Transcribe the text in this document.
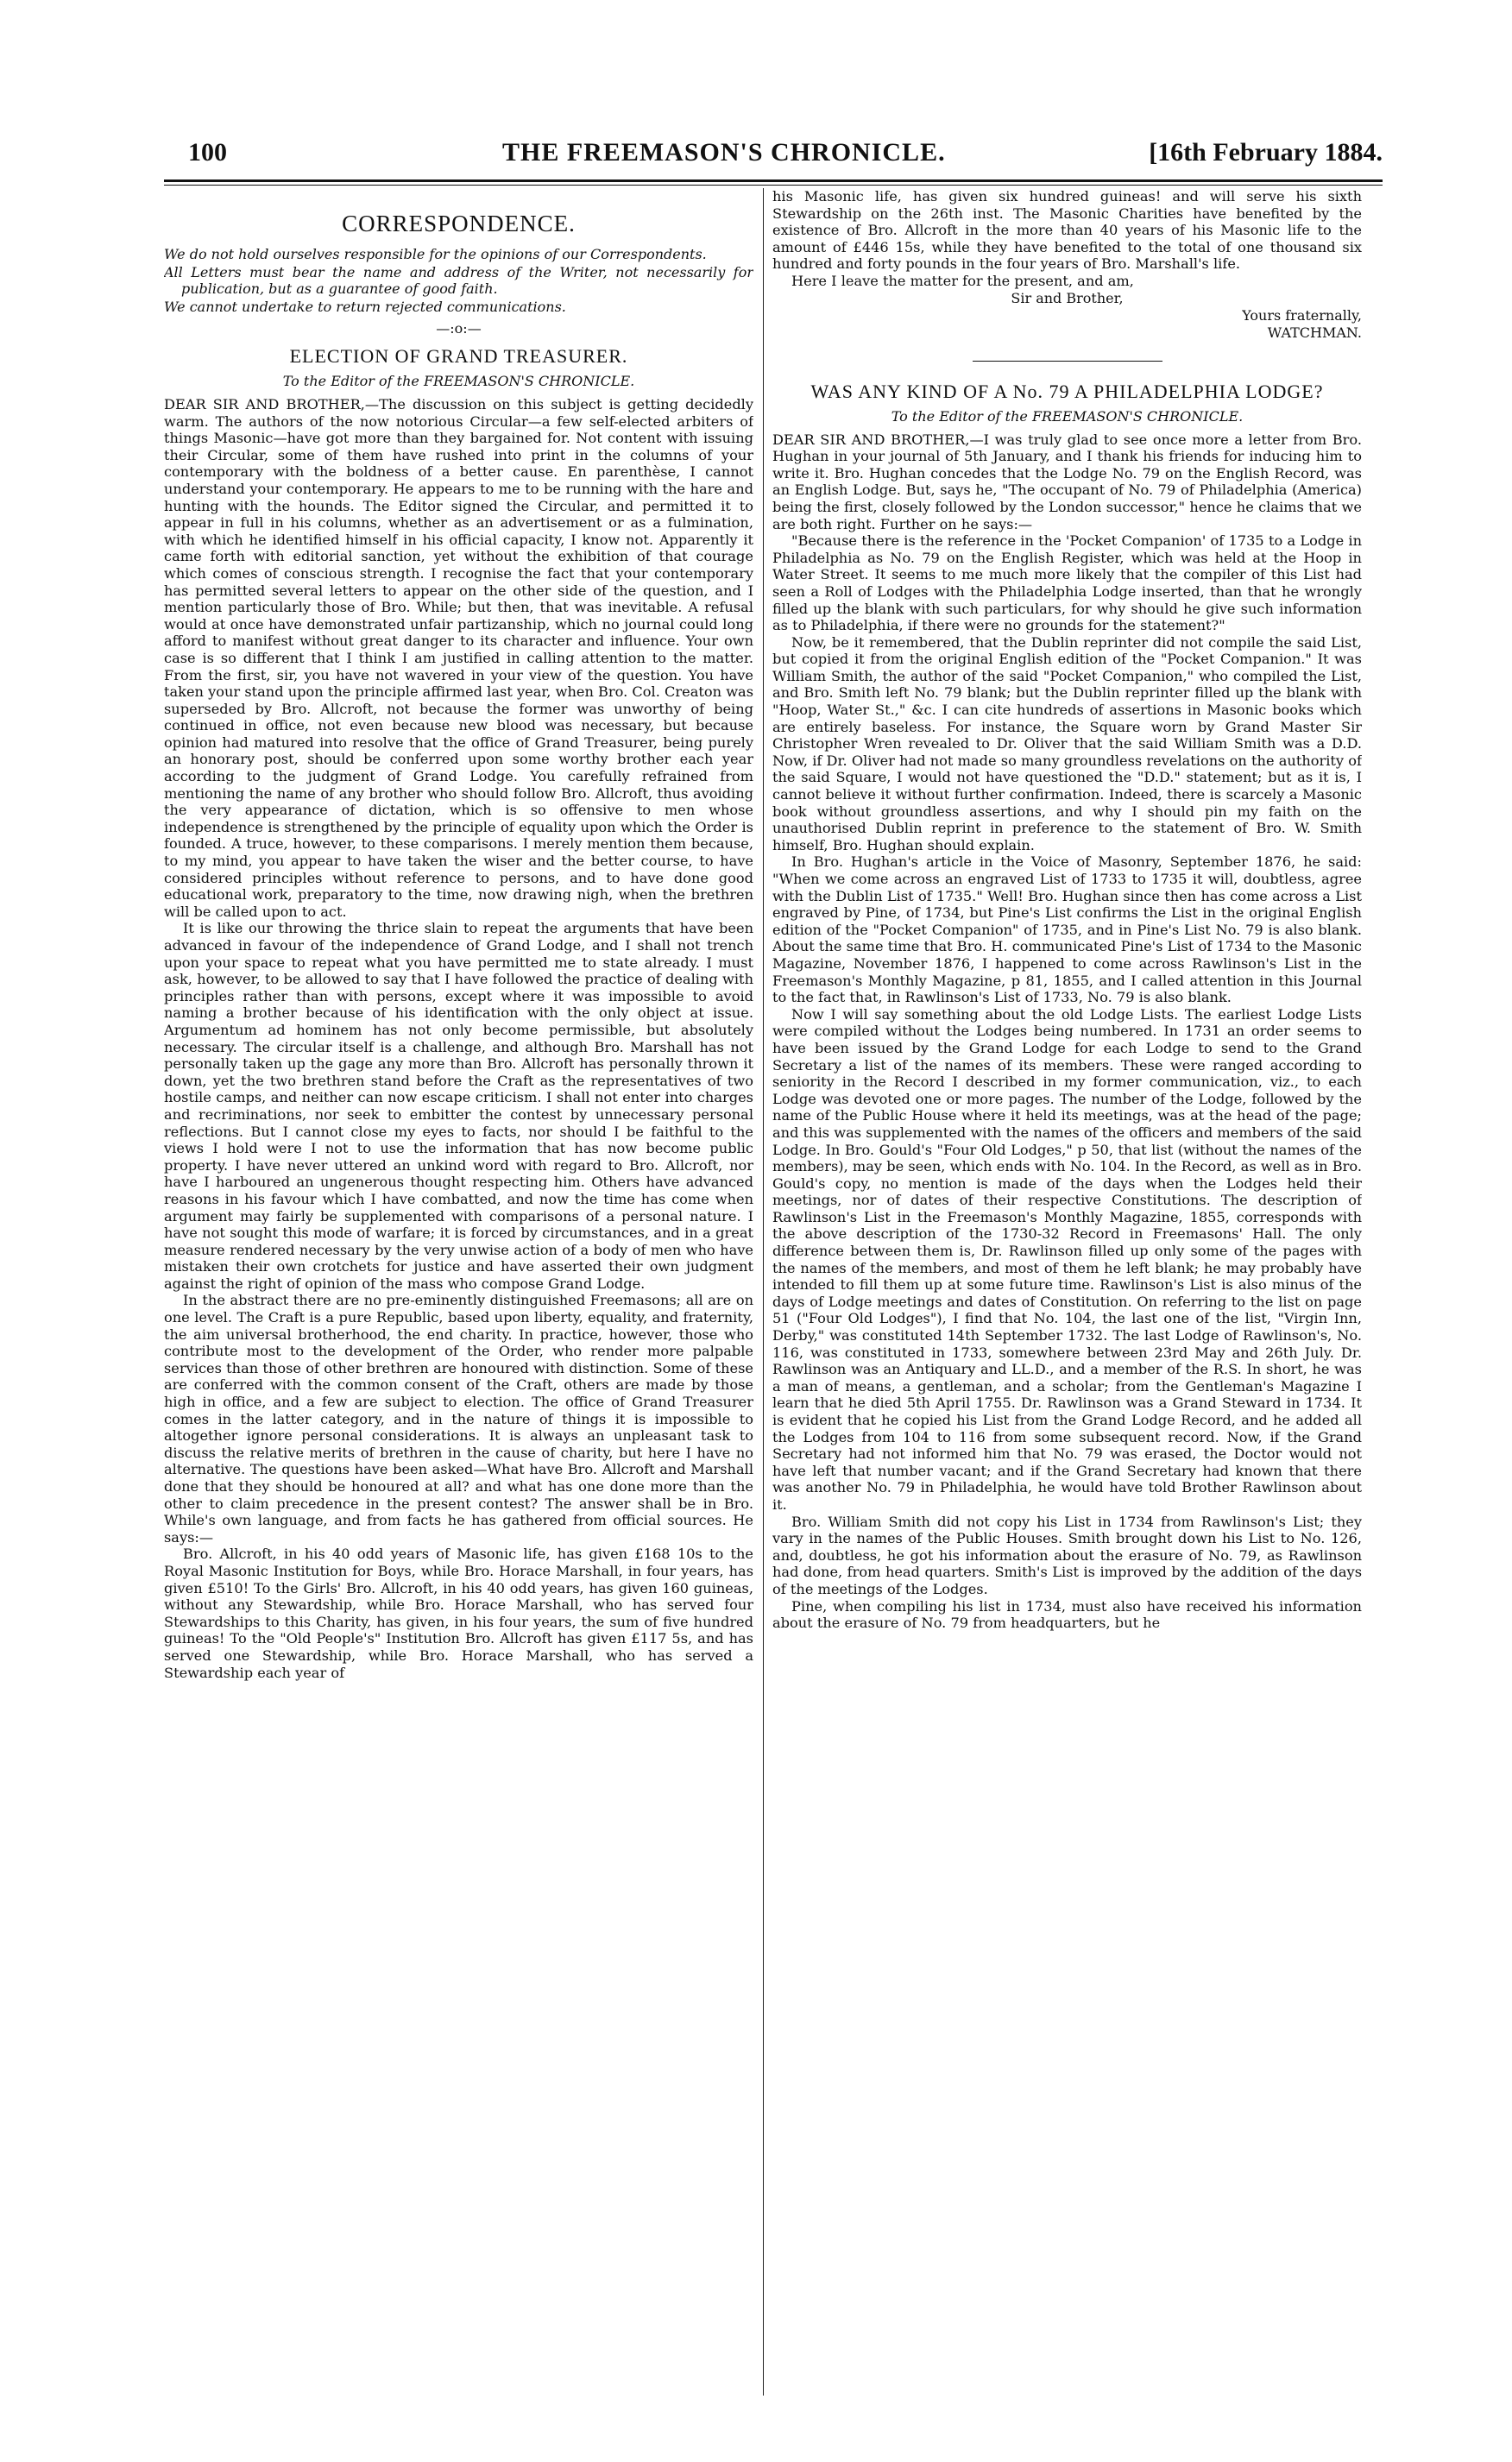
100	THE FREEMASON'S CHRONICLE.	[16th February 1884.
CORRESPONDENCE.

We do not hold ourselves responsible for the opinions of our Correspondents.

All Letters must bear the name and address of the Writer, not necessarily for publication, but as a guarantee of good faith.

We cannot undertake to return rejected communications.

—:o:—
ELECTION OF GRAND TREASURER.
To the Editor of the FREEMASON'S CHRONICLE.

DEAR SIR AND BROTHER,—The discussion on this subject is getting decidedly warm. The authors of the now notorious Circular—a few self-elected arbiters of things Masonic—have got more than they bargained for. Not content with issuing their Circular, some of them have rushed into print in the columns of your contemporary with the boldness of a better cause. En parenthèse, I cannot understand your contemporary. He appears to me to be running with the hare and hunting with the hounds. The Editor signed the Circular, and permitted it to appear in full in his columns, whether as an advertisement or as a fulmination, with which he identified himself in his official capacity, I know not. Apparently it came forth with editorial sanction, yet without the exhibition of that courage which comes of conscious strength. I recognise the fact that your contemporary has permitted several letters to appear on the other side of the question, and I mention particularly those of Bro. While; but then, that was inevitable. A refusal would at once have demonstrated unfair partizanship, which no journal could long afford to manifest without great danger to its character and influence. Your own case is so different that I think I am justified in calling attention to the matter. From the first, sir, you have not wavered in your view of the question. You have taken your stand upon the principle affirmed last year, when Bro. Col. Creaton was superseded by Bro. Allcroft, not because the former was unworthy of being continued in office, not even because new blood was necessary, but because opinion had matured into resolve that the office of Grand Treasurer, being purely an honorary post, should be conferred upon some worthy brother each year according to the judgment of Grand Lodge. You carefully refrained from mentioning the name of any brother who should follow Bro. Allcroft, thus avoiding the very appearance of dictation, which is so offensive to men whose independence is strengthened by the principle of equality upon which the Order is founded. A truce, however, to these comparisons. I merely mention them because, to my mind, you appear to have taken the wiser and the better course, to have considered principles without reference to persons, and to have done good educational work, preparatory to the time, now drawing nigh, when the brethren will be called upon to act.

It is like our throwing the thrice slain to repeat the arguments that have been advanced in favour of the independence of Grand Lodge, and I shall not trench upon your space to repeat what you have permitted me to state already. I must ask, however, to be allowed to say that I have followed the practice of dealing with principles rather than with persons, except where it was impossible to avoid naming a brother because of his identification with the only object at issue. Argumentum ad hominem has not only become permissible, but absolutely necessary. The circular itself is a challenge, and although Bro. Marshall has not personally taken up the gage any more than Bro. Allcroft has personally thrown it down, yet the two brethren stand before the Craft as the representatives of two hostile camps, and neither can now escape criticism. I shall not enter into charges and recriminations, nor seek to embitter the contest by unnecessary personal reflections. But I cannot close my eyes to facts, nor should I be faithful to the views I hold were I not to use the information that has now become public property. I have never uttered an unkind word with regard to Bro. Allcroft, nor have I harboured an ungenerous thought respecting him. Others have advanced reasons in his favour which I have combatted, and now the time has come when argument may fairly be supplemented with comparisons of a personal nature. I have not sought this mode of warfare; it is forced by circumstances, and in a great measure rendered necessary by the very unwise action of a body of men who have mistaken their own crotchets for justice and have asserted their own judgment against the right of opinion of the mass who compose Grand Lodge.

In the abstract there are no pre-eminently distinguished Freemasons; all are on one level. The Craft is a pure Republic, based upon liberty, equality, and fraternity, the aim universal brotherhood, the end charity. In practice, however, those who contribute most to the development of the Order, who render more palpable services than those of other brethren are honoured with distinction. Some of these are conferred with the common consent of the Craft, others are made by those high in office, and a few are subject to election. The office of Grand Treasurer comes in the latter category, and in the nature of things it is impossible to altogether ignore personal considerations. It is always an unpleasant task to discuss the relative merits of brethren in the cause of charity, but here I have no alternative. The questions have been asked—What have Bro. Allcroft and Marshall done that they should be honoured at all? and what has one done more than the other to claim precedence in the present contest? The answer shall be in Bro. While's own language, and from facts he has gathered from official sources. He says:—

Bro. Allcroft, in his 40 odd years of Masonic life, has given £168 10s to the Royal Masonic Institution for Boys, while Bro. Horace Marshall, in four years, has given £510! To the Girls' Bro. Allcroft, in his 40 odd years, has given 160 guineas, without any Stewardship, while Bro. Horace Marshall, who has served four Stewardships to this Charity, has given, in his four years, the sum of five hundred guineas! To the "Old People's" Institution Bro. Allcroft has given £117 5s, and has served one Stewardship, while Bro. Horace Marshall, who has served a Stewardship each year of

his Masonic life, has given six hundred guineas! and will serve his sixth Stewardship on the 26th inst. The Masonic Charities have benefited by the existence of Bro. Allcroft in the more than 40 years of his Masonic life to the amount of £446 15s, while they have benefited to the total of one thousand six hundred and forty pounds in the four years of Bro. Marshall's life.

Here I leave the matter for the present, and am,

Sir and Brother,
Yours fraternally,
WATCHMAN.
WAS ANY KIND OF A No. 79 A PHILADELPHIA LODGE?
To the Editor of the FREEMASON'S CHRONICLE.

DEAR SIR AND BROTHER,—I was truly glad to see once more a letter from Bro. Hughan in your journal of 5th January, and I thank his friends for inducing him to write it. Bro. Hughan concedes that the Lodge No. 79 on the English Record, was an English Lodge. But, says he, "The occupant of No. 79 of Philadelphia (America) being the first, closely followed by the London successor," hence he claims that we are both right. Further on he says:—

"Because there is the reference in the 'Pocket Companion' of 1735 to a Lodge in Philadelphia as No. 79 on the English Register, which was held at the Hoop in Water Street. It seems to me much more likely that the compiler of this List had seen a Roll of Lodges with the Philadelphia Lodge inserted, than that he wrongly filled up the blank with such particulars, for why should he give such information as to Philadelphia, if there were no grounds for the statement?"

Now, be it remembered, that the Dublin reprinter did not compile the said List, but copied it from the original English edition of the "Pocket Companion." It was William Smith, the author of the said "Pocket Companion," who compiled the List, and Bro. Smith left No. 79 blank; but the Dublin reprinter filled up the blank with "Hoop, Water St.," &c. I can cite hundreds of assertions in Masonic books which are entirely baseless. For instance, the Square worn by Grand Master Sir Christopher Wren revealed to Dr. Oliver that the said William Smith was a D.D. Now, if Dr. Oliver had not made so many groundless revelations on the authority of the said Square, I would not have questioned the "D.D." statement; but as it is, I cannot believe it without further confirmation. Indeed, there is scarcely a Masonic book without groundless assertions, and why I should pin my faith on the unauthorised Dublin reprint in preference to the statement of Bro. W. Smith himself, Bro. Hughan should explain.

In Bro. Hughan's article in the Voice of Masonry, September 1876, he said: "When we come across an engraved List of 1733 to 1735 it will, doubtless, agree with the Dublin List of 1735." Well! Bro. Hughan since then has come across a List engraved by Pine, of 1734, but Pine's List confirms the List in the original English edition of the "Pocket Companion" of 1735, and in Pine's List No. 79 is also blank. About the same time that Bro. H. communicated Pine's List of 1734 to the Masonic Magazine, November 1876, I happened to come across Rawlinson's List in the Freemason's Monthly Magazine, p 81, 1855, and I called attention in this Journal to the fact that, in Rawlinson's List of 1733, No. 79 is also blank.

Now I will say something about the old Lodge Lists. The earliest Lodge Lists were compiled without the Lodges being numbered. In 1731 an order seems to have been issued by the Grand Lodge for each Lodge to send to the Grand Secretary a list of the names of its members. These were ranged according to seniority in the Record I described in my former communication, viz., to each Lodge was devoted one or more pages. The number of the Lodge, followed by the name of the Public House where it held its meetings, was at the head of the page; and this was supplemented with the names of the officers and members of the said Lodge. In Bro. Gould's "Four Old Lodges," p 50, that list (without the names of the members), may be seen, which ends with No. 104. In the Record, as well as in Bro. Gould's copy, no mention is made of the days when the Lodges held their meetings, nor of dates of their respective Constitutions. The description of Rawlinson's List in the Freemason's Monthly Magazine, 1855, corresponds with the above description of the 1730-32 Record in Freemasons' Hall. The only difference between them is, Dr. Rawlinson filled up only some of the pages with the names of the members, and most of them he left blank; he may probably have intended to fill them up at some future time. Rawlinson's List is also minus of the days of Lodge meetings and dates of Constitution. On referring to the list on page 51 ("Four Old Lodges"), I find that No. 104, the last one of the list, "Virgin Inn, Derby," was constituted 14th September 1732. The last Lodge of Rawlinson's, No. 116, was constituted in 1733, somewhere between 23rd May and 26th July. Dr. Rawlinson was an Antiquary and LL.D., and a member of the R.S. In short, he was a man of means, a gentleman, and a scholar; from the Gentleman's Magazine I learn that he died 5th April 1755. Dr. Rawlinson was a Grand Steward in 1734. It is evident that he copied his List from the Grand Lodge Record, and he added all the Lodges from 104 to 116 from some subsequent record. Now, if the Grand Secretary had not informed him that No. 79 was erased, the Doctor would not have left that number vacant; and if the Grand Secretary had known that there was another No. 79 in Philadelphia, he would have told Brother Rawlinson about it.

Bro. William Smith did not copy his List in 1734 from Rawlinson's List; they vary in the names of the Public Houses. Smith brought down his List to No. 126, and, doubtless, he got his information about the erasure of No. 79, as Rawlinson had done, from head quarters. Smith's List is improved by the addition of the days of the meetings of the Lodges.

Pine, when compiling his list in 1734, must also have received his information about the erasure of No. 79 from headquarters, but he
